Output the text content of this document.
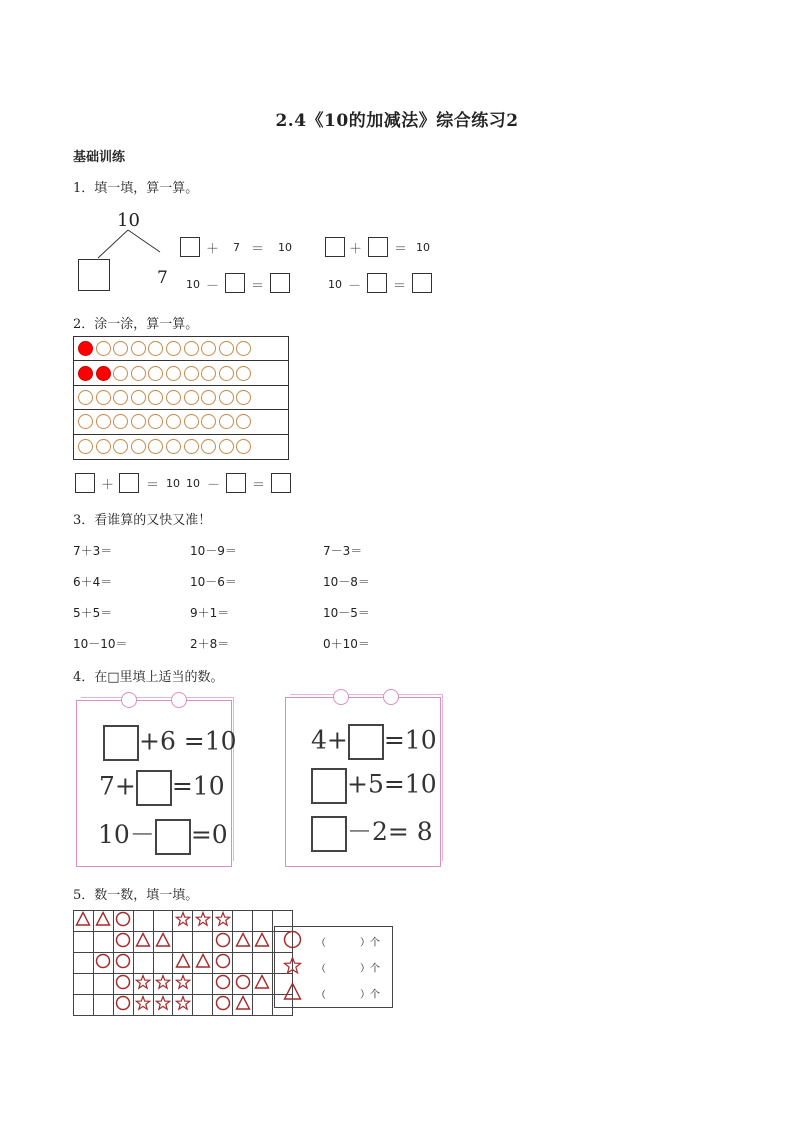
2.4《10的加减法》综合练习2
基础训练
1．填一填，算一算。
10
7
＋ 7 ＝ 10	＋ ＝ 10
10 － ＝	10 － ＝
2．涂一涂，算一算。
＋ ＝ 10 10 － ＝
3．看谁算的又快又准！
4．在□里填上适当的数。
+6 =10
7+ =10
10－ =0
4+ =10
+5=10
－2= 8
5．数一数，填一填。

（	）个
（	）个
（	）个
7＋3＝	10－9＝	7－3＝
6＋4＝	10－6＝	10－8＝
5＋5＝	9＋1＝	10－5＝
10－10＝	2＋8＝	0＋10＝
